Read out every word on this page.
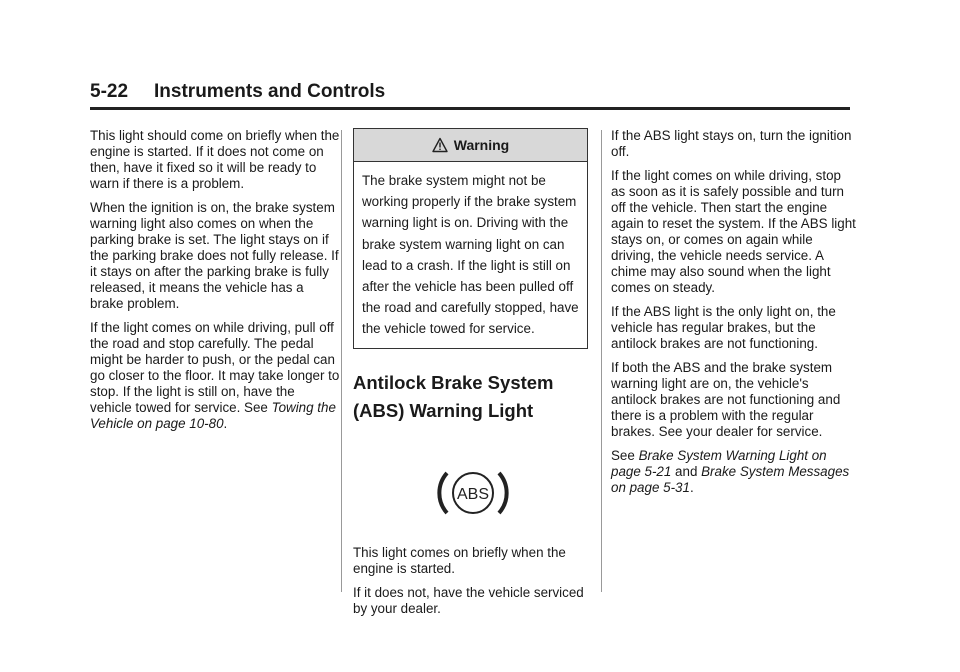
5-22 Instruments and Controls

This light should come on briefly when the engine is started. If it does not come on then, have it fixed so it will be ready to warn if there is a problem.

When the ignition is on, the brake system warning light also comes on when the parking brake is set. The light stays on if the parking brake does not fully release. If it stays on after the parking brake is fully released, it means the vehicle has a brake problem.

If the light comes on while driving, pull off the road and stop carefully. The pedal might be harder to push, or the pedal can go closer to the floor. It may take longer to stop. If the light is still on, have the vehicle towed for service. See Towing the Vehicle on page 10-80.

Warning
The brake system might not be working properly if the brake system warning light is on. Driving with the brake system warning light on can lead to a crash. If the light is still on after the vehicle has been pulled off the road and carefully stopped, have the vehicle towed for service.
Antilock Brake System (ABS) Warning Light
ABS

This light comes on briefly when the engine is started.

If it does not, have the vehicle serviced by your dealer.

If the ABS light stays on, turn the ignition off.

If the light comes on while driving, stop as soon as it is safely possible and turn off the vehicle. Then start the engine again to reset the system. If the ABS light stays on, or comes on again while driving, the vehicle needs service. A chime may also sound when the light comes on steady.

If the ABS light is the only light on, the vehicle has regular brakes, but the antilock brakes are not functioning.

If both the ABS and the brake system warning light are on, the vehicle's antilock brakes are not functioning and there is a problem with the regular brakes. See your dealer for service.

See Brake System Warning Light on page 5-21 and Brake System Messages on page 5-31.
